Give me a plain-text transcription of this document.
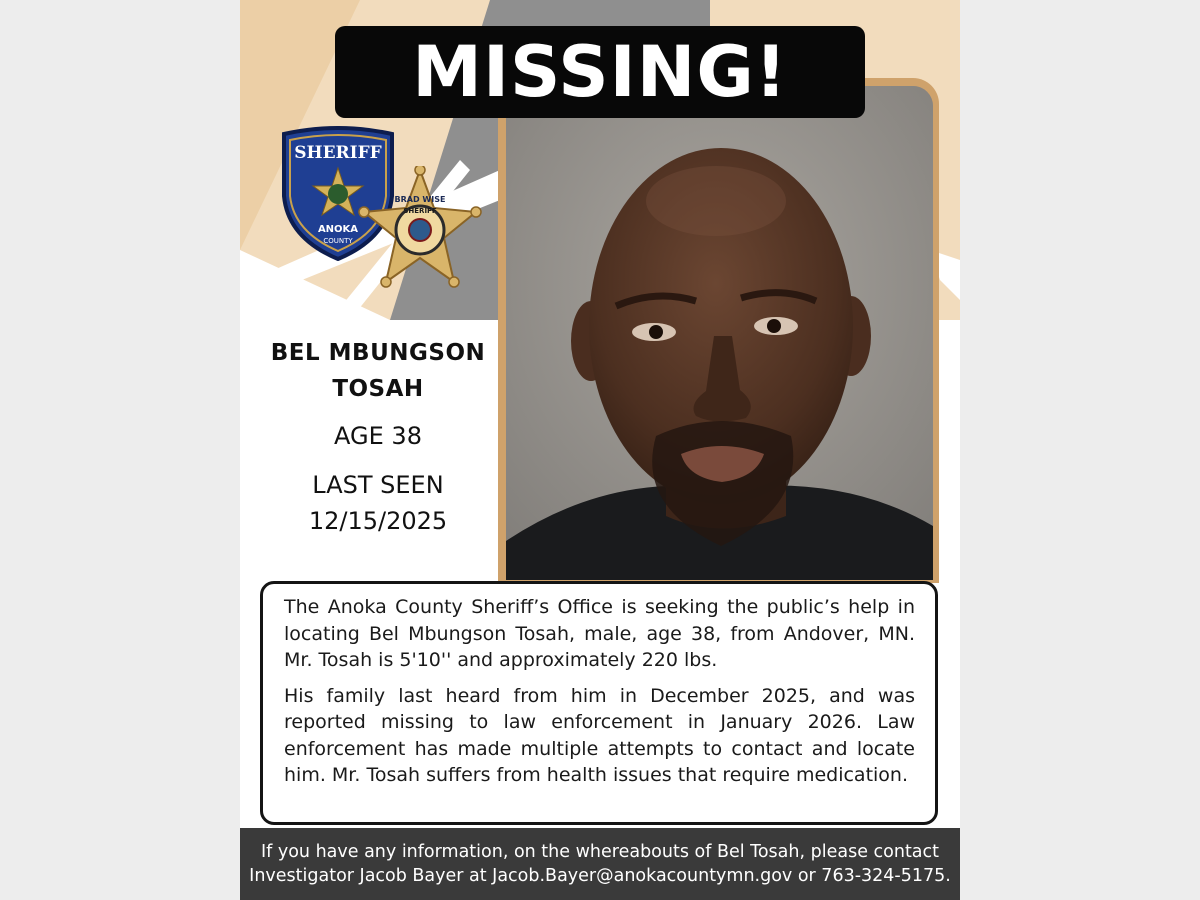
SHERIFF
ANOKA
COUNTY
BRAD WISE
SHERIFF
MISSING!
BEL MBUNGSON
TOSAH
AGE 38
LAST SEEN
12/15/2025

The Anoka County Sheriff’s Office is seeking the public’s help in locating Bel Mbungson Tosah, male, age 38, from Andover, MN. Mr. Tosah is 5'10'' and approximately 220 lbs.

His family last heard from him in December 2025, and was reported missing to law enforcement in January 2026. Law enforcement has made multiple attempts to contact and locate him. Mr. Tosah suffers from health issues that require medication.

If you have any information, on the whereabouts of Bel Tosah, please contact
Investigator Jacob Bayer at Jacob.Bayer@anokacountymn.gov or 763-324-5175.
